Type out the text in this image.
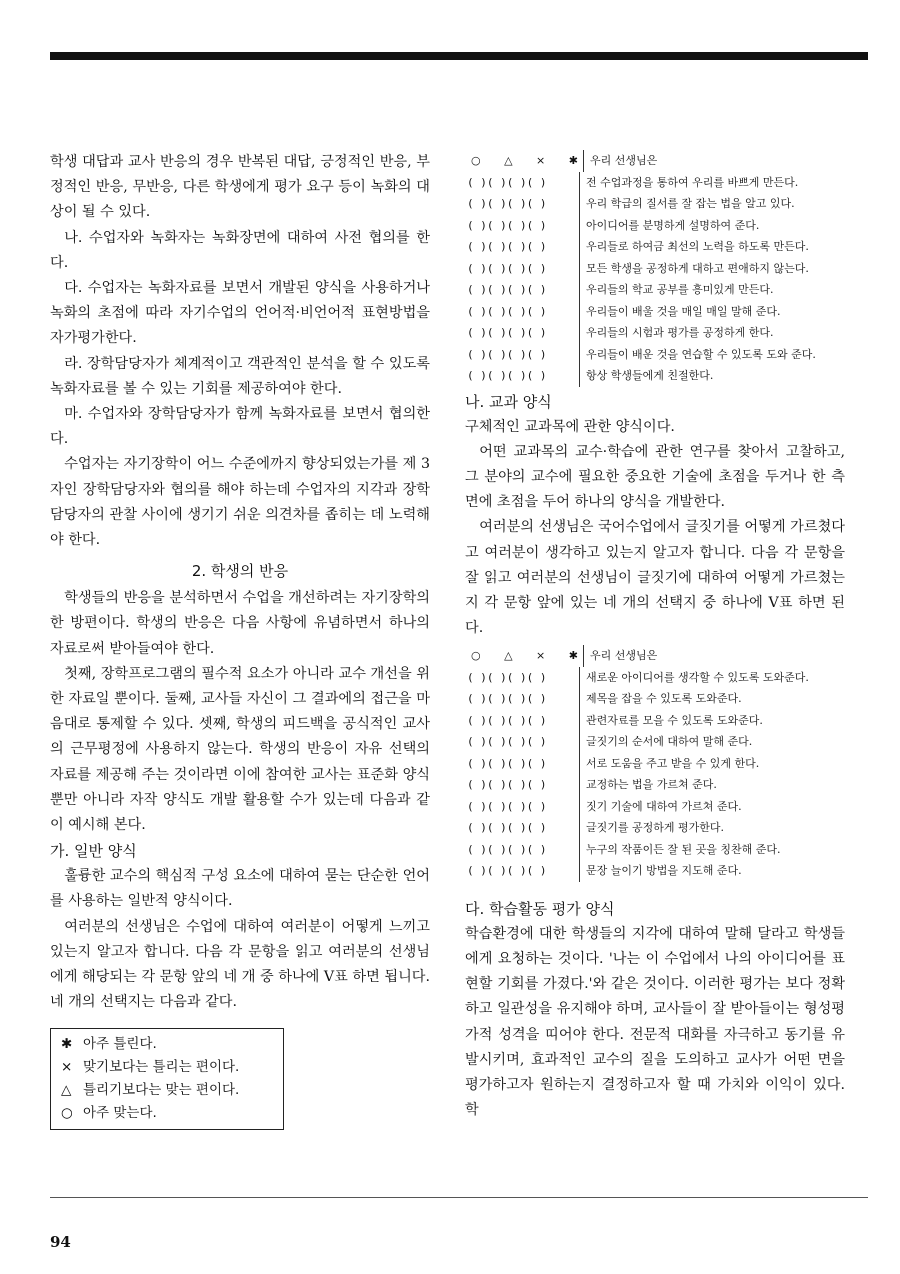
학생 대답과 교사 반응의 경우 반복된 대답, 긍정적인 반응, 부정적인 반응, 무반응, 다른 학생에게 평가 요구 등이 녹화의 대상이 될 수 있다.

나. 수업자와 녹화자는 녹화장면에 대하여 사전 협의를 한다.

다. 수업자는 녹화자료를 보면서 개발된 양식을 사용하거나 녹화의 초점에 따라 자기수업의 언어적·비언어적 표현방법을 자가평가한다.

라. 장학담당자가 체계적이고 객관적인 분석을 할 수 있도록 녹화자료를 볼 수 있는 기회를 제공하여야 한다.

마. 수업자와 장학담당자가 함께 녹화자료를 보면서 협의한다.

수업자는 자기장학이 어느 수준에까지 향상되었는가를 제 3자인 장학담당자와 협의를 해야 하는데 수업자의 지각과 장학담당자의 관찰 사이에 생기기 쉬운 의견차를 좁히는 데 노력해야 한다.

2. 학생의 반응

학생들의 반응을 분석하면서 수업을 개선하려는 자기장학의 한 방편이다. 학생의 반응은 다음 사항에 유념하면서 하나의 자료로써 받아들여야 한다.

첫째, 장학프로그램의 필수적 요소가 아니라 교수 개선을 위한 자료일 뿐이다. 둘째, 교사들 자신이 그 결과에의 접근을 마음대로 통제할 수 있다. 셋째, 학생의 피드백을 공식적인 교사의 근무평정에 사용하지 않는다. 학생의 반응이 자유 선택의 자료를 제공해 주는 것이라면 이에 참여한 교사는 표준화 양식뿐만 아니라 자작 양식도 개발 활용할 수가 있는데 다음과 같이 예시해 본다.

가. 일반 양식

훌륭한 교수의 핵심적 구성 요소에 대하여 묻는 단순한 언어를 사용하는 일반적 양식이다.

여러분의 선생님은 수업에 대하여 여러분이 어떻게 느끼고 있는지 알고자 합니다. 다음 각 문항을 읽고 여러분의 선생님에게 해당되는 각 문항 앞의 네 개 중 하나에 V표 하면 됩니다. 네 개의 선택지는 다음과 같다.

✱ 아주 틀린다.
× 맞기보다는 틀리는 편이다.
△ 틀리기보다는 맞는 편이다.
○ 아주 맞는다.
○ △ × ✱ 우리 선생님은
( )( )( )( )	전 수업과정을 통하여 우리를 바쁘게 만든다.
( )( )( )( )	우리 학급의 질서를 잘 잡는 법을 알고 있다.
( )( )( )( )	아이디어를 분명하게 설명하여 준다.
( )( )( )( )	우리들로 하여금 최선의 노력을 하도록 만든다.
( )( )( )( )	모든 학생을 공정하게 대하고 편애하지 않는다.
( )( )( )( )	우리들의 학교 공부를 흥미있게 만든다.
( )( )( )( )	우리들이 배울 것을 매일 매일 말해 준다.
( )( )( )( )	우리들의 시험과 평가를 공정하게 한다.
( )( )( )( )	우리들이 배운 것을 연습할 수 있도록 도와 준다.
( )( )( )( )	항상 학생들에게 친절한다.
나. 교과 양식

구체적인 교과목에 관한 양식이다.

어떤 교과목의 교수·학습에 관한 연구를 찾아서 고찰하고, 그 분야의 교수에 필요한 중요한 기술에 초점을 두거나 한 측면에 초점을 두어 하나의 양식을 개발한다.

여러분의 선생님은 국어수업에서 글짓기를 어떻게 가르쳤다고 여러분이 생각하고 있는지 알고자 합니다. 다음 각 문항을 잘 읽고 여러분의 선생님이 글짓기에 대하여 어떻게 가르쳤는지 각 문항 앞에 있는 네 개의 선택지 중 하나에 V표 하면 된다.

○ △ × ✱ 우리 선생님은
( )( )( )( )	새로운 아이디어를 생각할 수 있도록 도와준다.
( )( )( )( )	제목을 잡을 수 있도록 도와준다.
( )( )( )( )	관련자료를 모을 수 있도록 도와준다.
( )( )( )( )	글짓기의 순서에 대하여 말해 준다.
( )( )( )( )	서로 도움을 주고 받을 수 있게 한다.
( )( )( )( )	교정하는 법을 가르쳐 준다.
( )( )( )( )	짓기 기술에 대하여 가르쳐 준다.
( )( )( )( )	글짓기를 공정하게 평가한다.
( )( )( )( )	누구의 작품이든 잘 된 곳을 칭찬해 준다.
( )( )( )( )	문장 늘이기 방법을 지도해 준다.
다. 학습활동 평가 양식

학습환경에 대한 학생들의 지각에 대하여 말해 달라고 학생들에게 요청하는 것이다. '나는 이 수업에서 나의 아이디어를 표현할 기회를 가졌다.'와 같은 것이다. 이러한 평가는 보다 정확하고 일관성을 유지해야 하며, 교사들이 잘 받아들이는 형성평가적 성격을 띠어야 한다. 전문적 대화를 자극하고 동기를 유발시키며, 효과적인 교수의 질을 도의하고 교사가 어떤 면을 평가하고자 원하는지 결정하고자 할 때 가치와 이익이 있다. 학

94
